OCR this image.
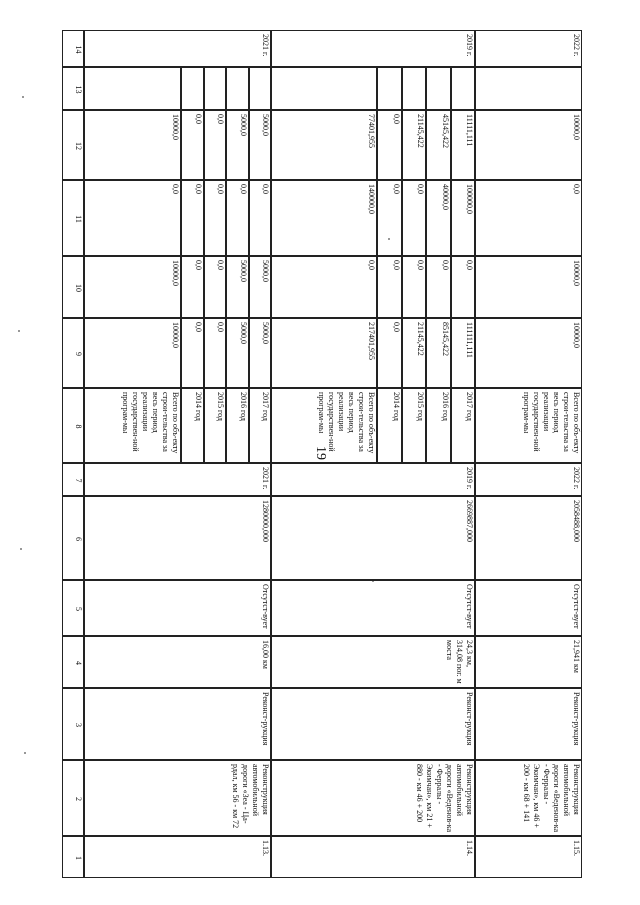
19
1
2
3
4
5
6
7
8
9
10
11
12
13
14
1.13.
Реконструкция автомобильной дороги «Зеа - Ца-рдал, км 56 - км 72
Реконст-рукция
16,00 км
Отсутст-вует
1280000,000
2021 г.
Всего по объ-екту строи-тельства за весь период реализации государствен-ной програм-мы
10000,0
10000,0
0,0
10000,0
2014 год
0,0
0,0
0,0
0,0
2015 год
0,0
0,0
0,0
0,0
2016 год
5000,0
5000,0
0,0
5000,0
2017 год
5000,0
5000,0
0,0
5000,0
2021 г.
1.14.
Реконструкция автомобильной дороги «Веденов-ка - Ферралы - Экимчан», км 21 + 880 - км 46 + 200
Реконст-рукция
24,3 км, 314,08 пог. м моста
Отсутст-вует
2669887,000
2019 г.
Всего по объ-екту строи-тельства за весь период реализации государствен-ной програм-мы
217401,955
0,0
140000,0
77401,955
2014 год
0,0
0,0
0,0
0,0
2015 год
21145,422
0,0
0,0
21145,422
2016 год
85145,422
0,0
40000,0
45145,422
2017 год
111111,111
0,0
100000,0
11111,111
2019 г.
1.15.
Реконструкция автомобильной дороги «Веденов-ка - Ферралы - Экимчан», км 46 + 200 - км 68 + 141
Реконст-рукция
21,941 км
Отсутст-вует
2058488,000
2022 г.
Всего по объ-екту строи-тельства за весь период реализации государствен-ной програм-мы
10000,0
10000,0
0,0
10000,0
2022 г.
